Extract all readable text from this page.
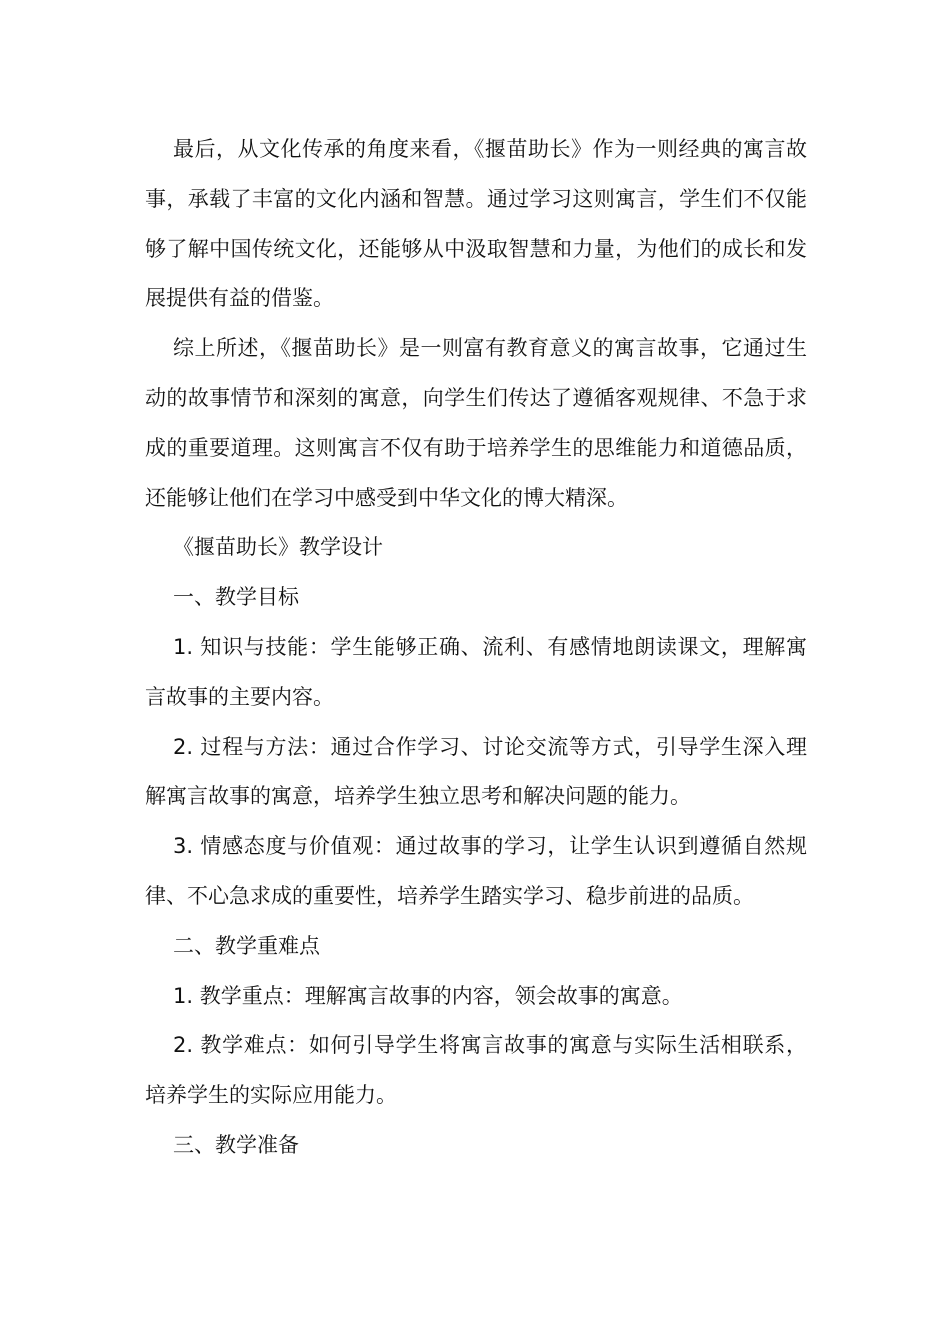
最后，从文化传承的角度来看，《揠苗助长》作为一则经典的寓言故事，承载了丰富的文化内涵和智慧。通过学习这则寓言，学生们不仅能够了解中国传统文化，还能够从中汲取智慧和力量，为他们的成长和发展提供有益的借鉴。

综上所述，《揠苗助长》是一则富有教育意义的寓言故事，它通过生动的故事情节和深刻的寓意，向学生们传达了遵循客观规律、不急于求成的重要道理。这则寓言不仅有助于培养学生的思维能力和道德品质，还能够让他们在学习中感受到中华文化的博大精深。

《揠苗助长》教学设计

一、教学目标

1. 知识与技能：学生能够正确、流利、有感情地朗读课文，理解寓言故事的主要内容。

2. 过程与方法：通过合作学习、讨论交流等方式，引导学生深入理解寓言故事的寓意，培养学生独立思考和解决问题的能力。

3. 情感态度与价值观：通过故事的学习，让学生认识到遵循自然规律、不心急求成的重要性，培养学生踏实学习、稳步前进的品质。

二、教学重难点

1. 教学重点：理解寓言故事的内容，领会故事的寓意。

2. 教学难点：如何引导学生将寓言故事的寓意与实际生活相联系，培养学生的实际应用能力。

三、教学准备
